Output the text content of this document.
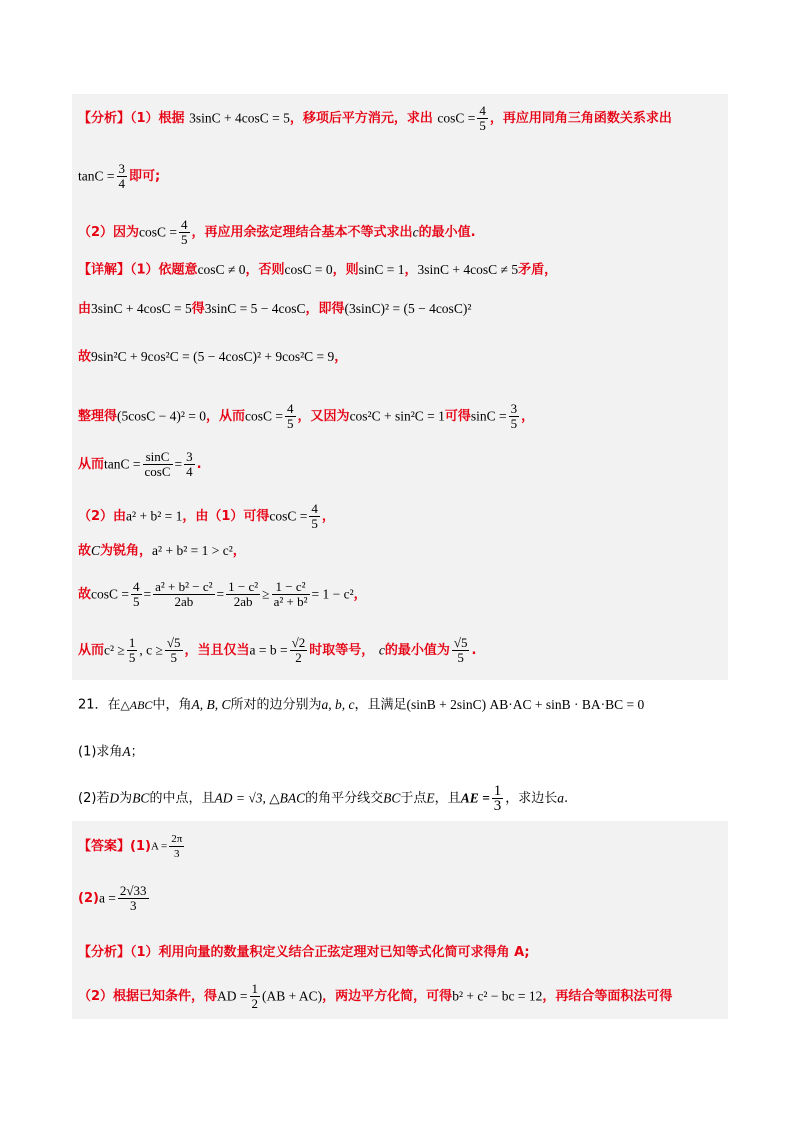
【分析】（1）根据 3sinC + 4cosC = 5，移项后平方消元，求出 $\cos C = \frac{4}{5}$ ，再应用同角三角函数关系求出
$\tan C = \frac{3}{4}$ 即可;
（2）因为$\cos C = \frac{4}{5}$ ，再应用余弦定理结合基本不等式求出c的最小值.
【详解】（1）依题意cosC ≠ 0，否则cosC = 0，则sinC = 1，3sinC + 4cosC ≠ 5矛盾，
由3sinC + 4cosC = 5得3sinC = 5 − 4cosC，即得(3sinC)² = (5 − 4cosC)²
故9sin²C + 9cos²C = (5 − 4cosC)² + 9cos²C = 9，
整理得(5cosC − 4)² = 0，从而$\cos C = \frac{4}{5}$ ，又因为cos²C + sin²C = 1可得$\sin C = \frac{3}{5}$ ，
从而$\tan C = \frac{\sin C}{\cos C} = \frac{3}{4}$ .
（2）由a² + b² = 1，由（1）可得$\cos C = \frac{4}{5}$ ，
故C为锐角，a² + b² = 1 > c²，
故$\cos C = \frac{4}{5} = \frac{\text{a² + b² − c²}}{2ab} = \frac{\text{1 − c²}}{2ab} \ge \frac{\text{1 − c²}}{\text{a² + b²}} = 1 - c^2$，
从而$c^2 \ge \frac{1}{5}$ , $c \ge \frac{√5}{5}$ ，当且仅当$a = b = \frac{√2}{2}$ 时取等号， c的最小值为 $\frac{√5}{5}$ .
21．在△ABC中，角A, B, C所对的边分别为a, b, c，且满足(sinB + 2sinC) AB·AC + sinB · BA·BC = 0
(1)求角A；
(2)若D为BC的中点，且AD = √3, △BAC的角平分线交BC于点E，且AE = $\frac{1}{3}$ ，求边长a.
【答案】$(1)A = \frac{2\pi}{3}$
$(2)a = \frac{2√33}{3}$
【分析】（1）利用向量的数量积定义结合正弦定理对已知等式化简可求得角 A;
（2）根据已知条件，得AD = $\frac{1}{2} (AB + AC)$，两边平方化简，可得b² + c² − bc = 12，再结合等面积法可得
